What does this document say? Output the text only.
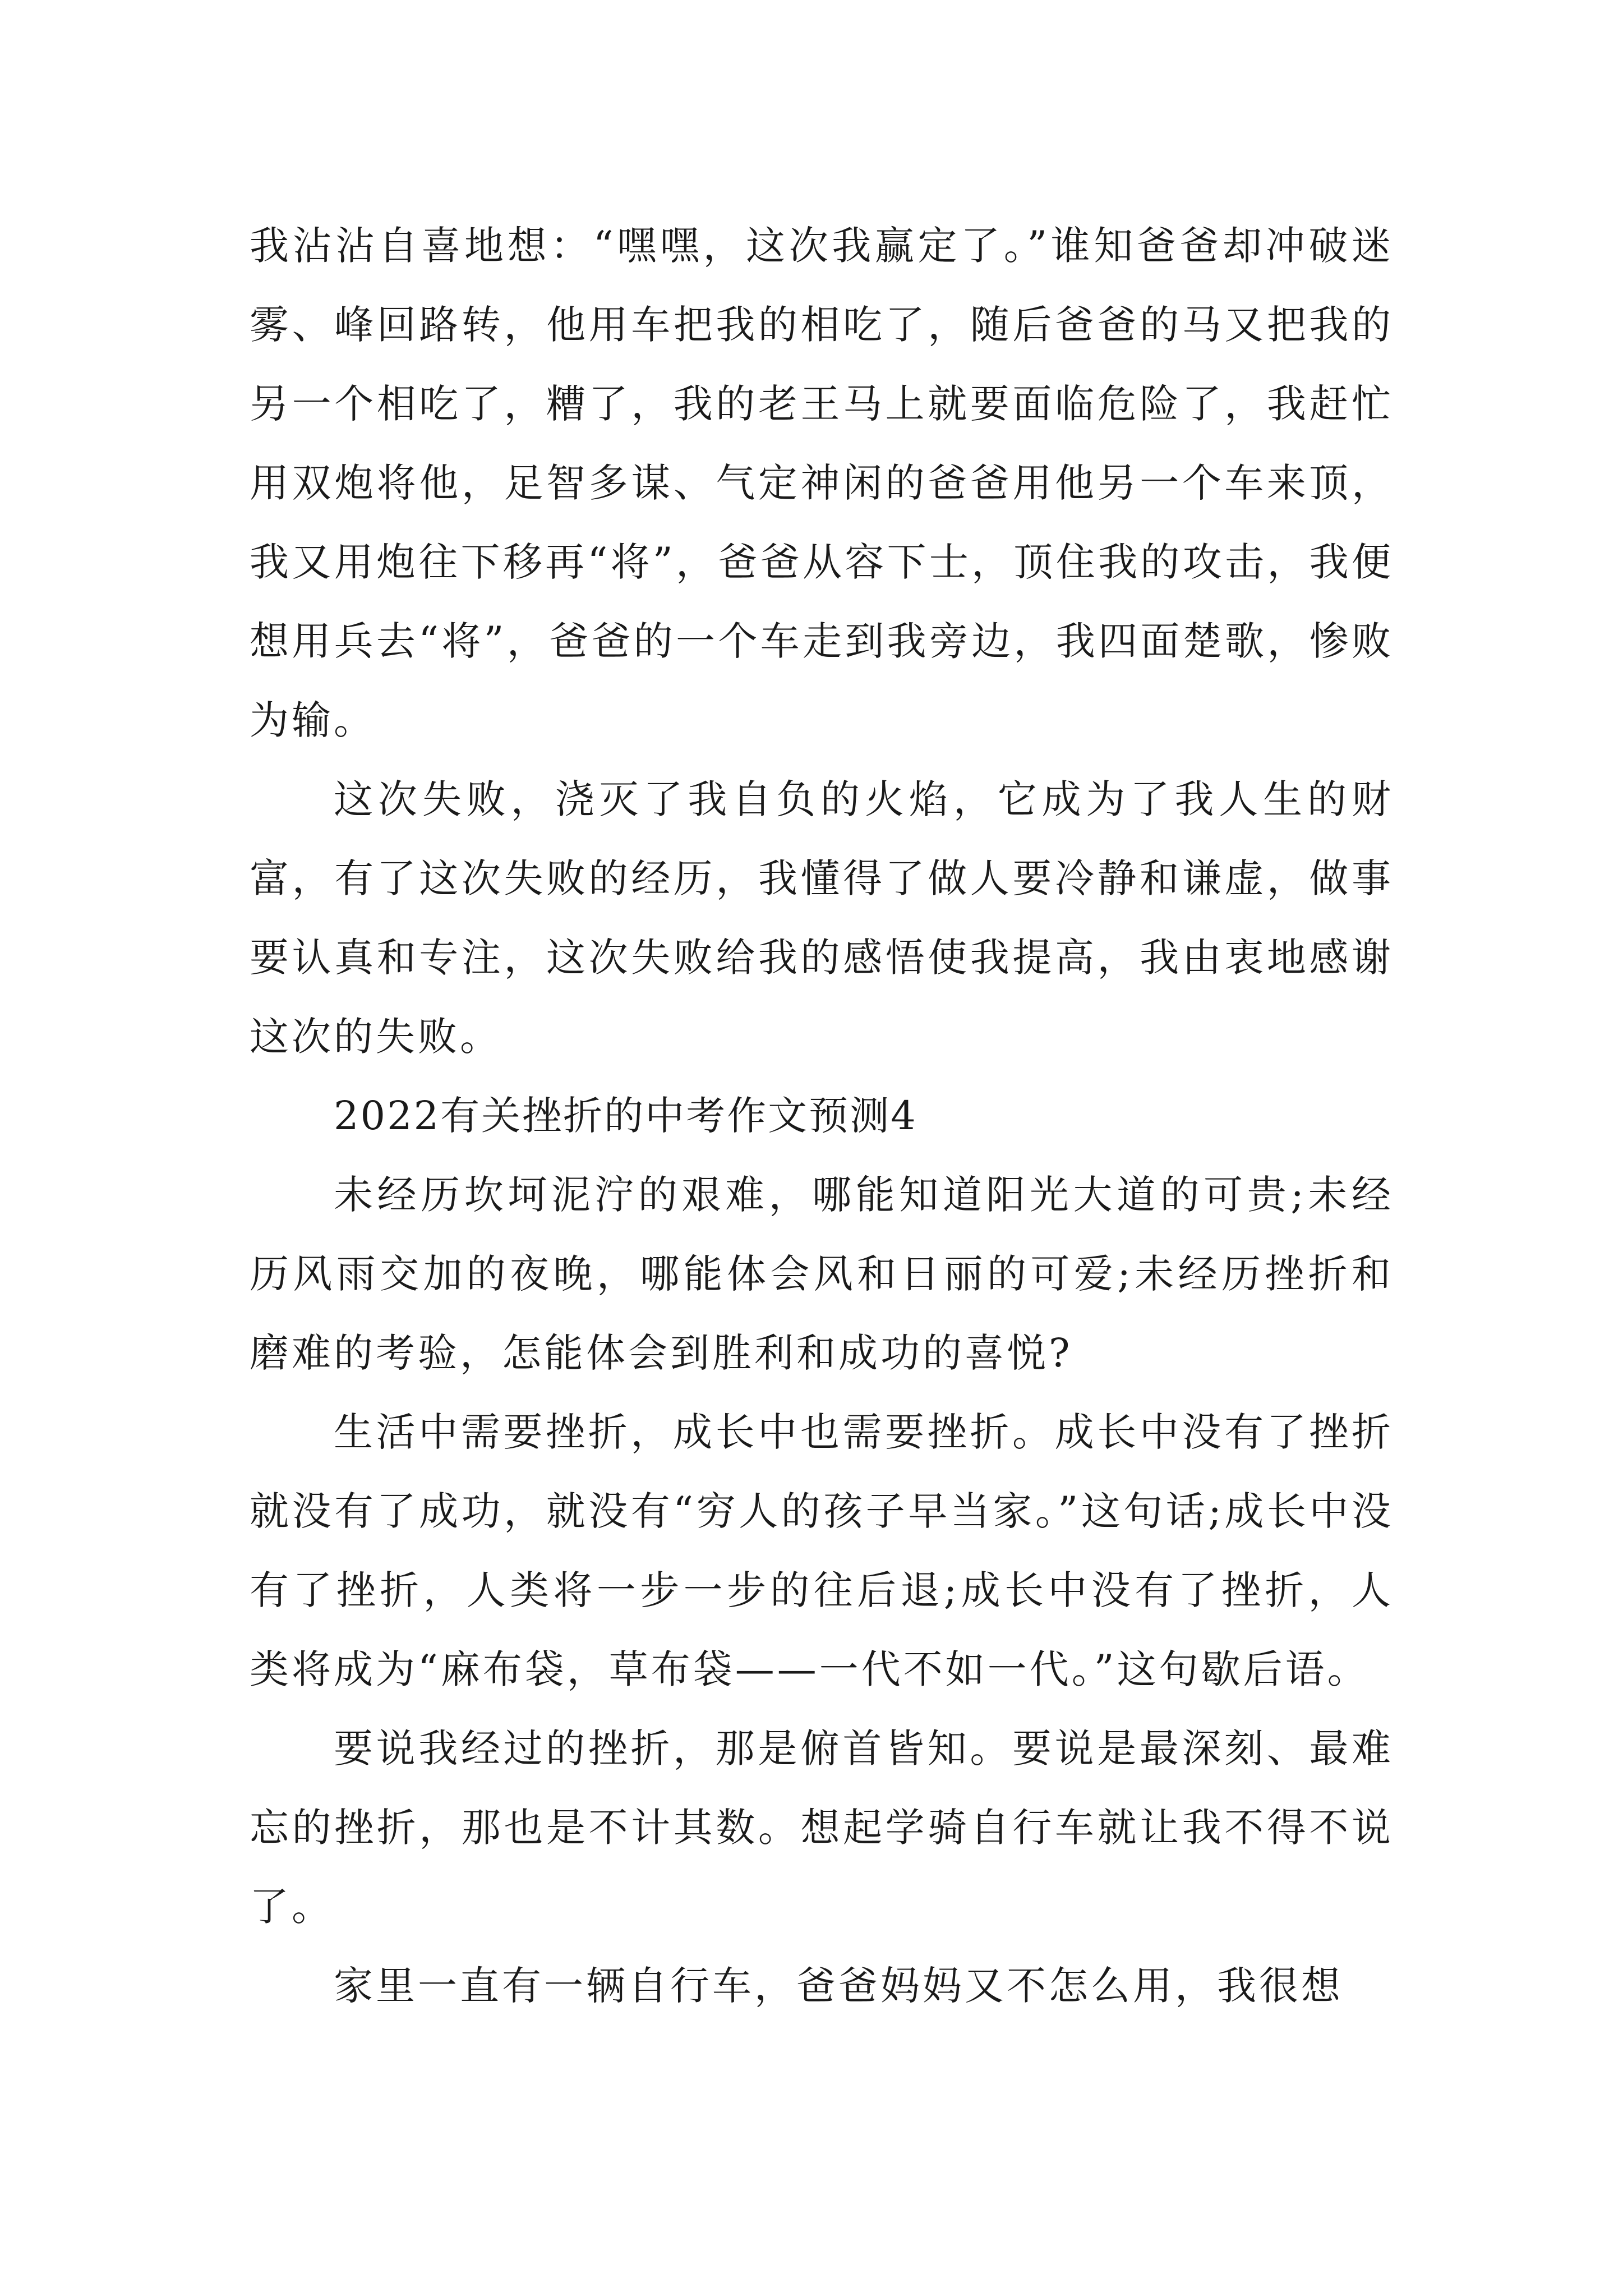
我沾沾自喜地想：“嘿嘿，这次我赢定了。”谁知爸爸却冲破迷雾、峰回路转，他用车把我的相吃了，随后爸爸的马又把我的另一个相吃了，糟了，我的老王马上就要面临危险了，我赶忙用双炮将他，足智多谋、气定神闲的爸爸用他另一个车来顶，我又用炮往下移再“将”，爸爸从容下士，顶住我的攻击，我便想用兵去“将”，爸爸的一个车走到我旁边，我四面楚歌，惨败为输。

这次失败，浇灭了我自负的火焰，它成为了我人生的财富，有了这次失败的经历，我懂得了做人要冷静和谦虚，做事要认真和专注，这次失败给我的感悟使我提高，我由衷地感谢这次的失败。

2022有关挫折的中考作文预测4

未经历坎坷泥泞的艰难，哪能知道阳光大道的可贵;未经历风雨交加的夜晚，哪能体会风和日丽的可爱;未经历挫折和磨难的考验，怎能体会到胜利和成功的喜悦?

生活中需要挫折，成长中也需要挫折。成长中没有了挫折就没有了成功，就没有“穷人的孩子早当家。”这句话;成长中没有了挫折，人类将一步一步的往后退;成长中没有了挫折，人类将成为“麻布袋，草布袋——一代不如一代。”这句歇后语。

要说我经过的挫折，那是俯首皆知。要说是最深刻、最难忘的挫折，那也是不计其数。想起学骑自行车就让我不得不说了。

家里一直有一辆自行车，爸爸妈妈又不怎么用，我很想
